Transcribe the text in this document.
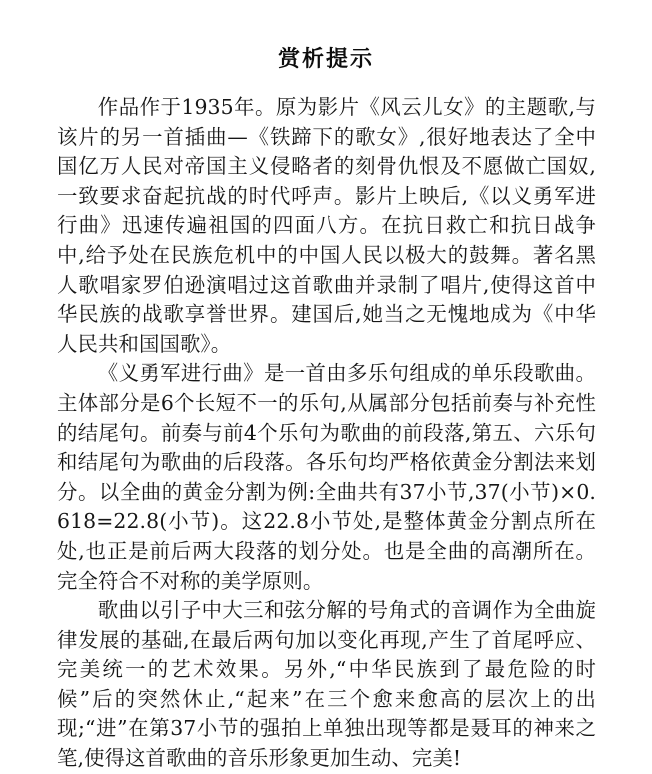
赏析提示

作品作于1935年。原为影片《风云儿女》的主题歌,与该片的另一首插曲—《铁蹄下的歌女》,很好地表达了全中国亿万人民对帝国主义侵略者的刻骨仇恨及不愿做亡国奴,一致要求奋起抗战的时代呼声。影片上映后,《以义勇军进行曲》迅速传遍祖国的四面八方。在抗日救亡和抗日战争中,给予处在民族危机中的中国人民以极大的鼓舞。著名黑人歌唱家罗伯逊演唱过这首歌曲并录制了唱片,使得这首中华民族的战歌享誉世界。建国后,她当之无愧地成为《中华人民共和国国歌》。

《义勇军进行曲》是一首由多乐句组成的单乐段歌曲。主体部分是6个长短不一的乐句,从属部分包括前奏与补充性的结尾句。前奏与前4个乐句为歌曲的前段落,第五、六乐句和结尾句为歌曲的后段落。各乐句均严格依黄金分割法来划分。以全曲的黄金分割为例:全曲共有37小节,37(小节)×0.618=22.8(小节)。这22.8小节处,是整体黄金分割点所在处,也正是前后两大段落的划分处。也是全曲的高潮所在。完全符合不对称的美学原则。

歌曲以引子中大三和弦分解的号角式的音调作为全曲旋律发展的基础,在最后两句加以变化再现,产生了首尾呼应、完美统一的艺术效果。另外,“中华民族到了最危险的时候”后的突然休止,“起来”在三个愈来愈高的层次上的出现;“进”在第37小节的强拍上单独出现等都是聂耳的神来之笔,使得这首歌曲的音乐形象更加生动、完美!
